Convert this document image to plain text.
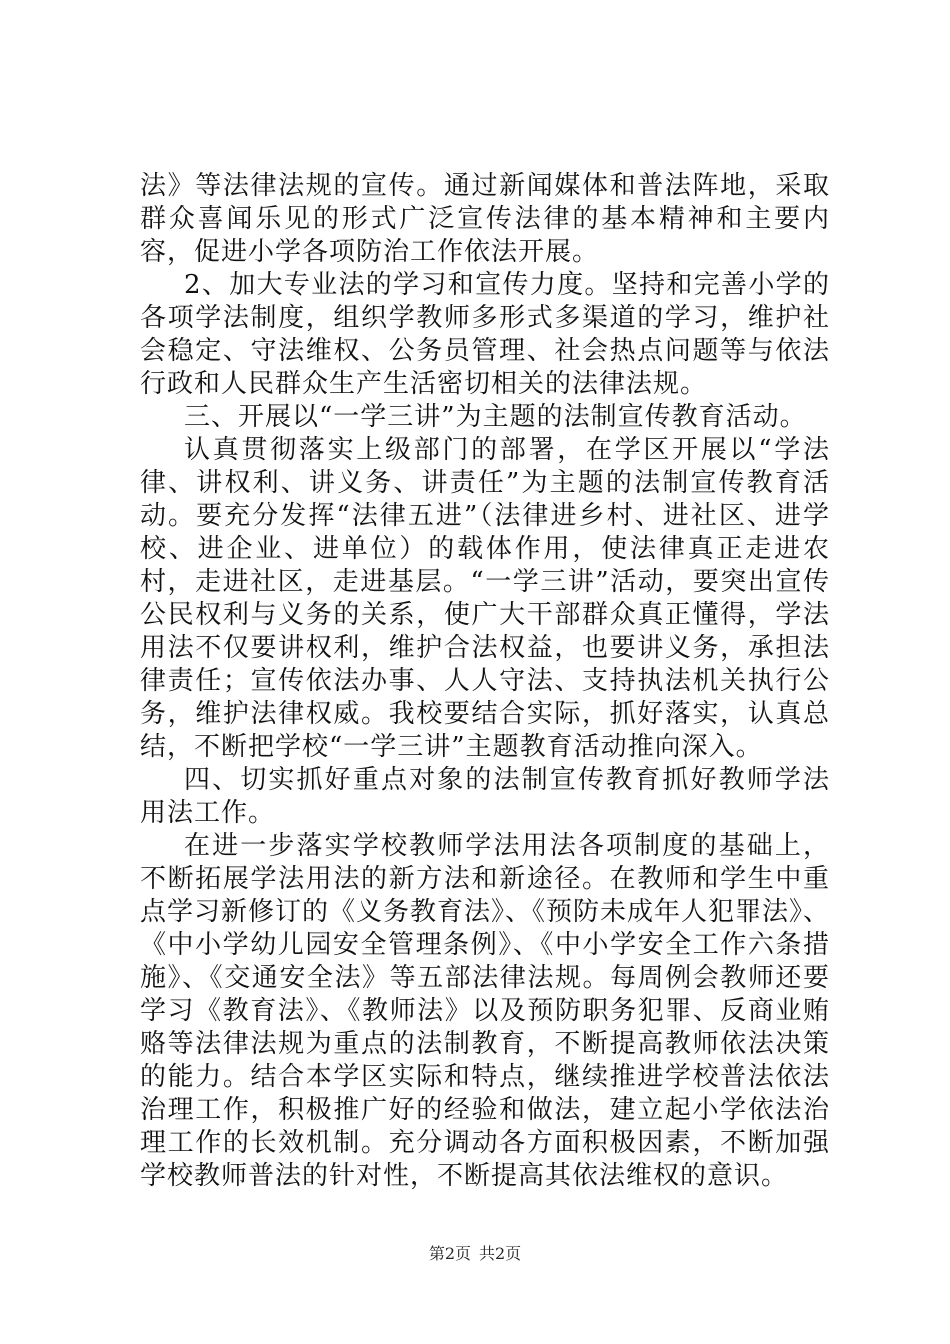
法》等法律法规的宣传。通过新闻媒体和普法阵地，采取群众喜闻乐见的形式广泛宣传法律的基本精神和主要内容，促进小学各项防治工作依法开展。

2、加大专业法的学习和宣传力度。坚持和完善小学的各项学法制度，组织学教师多形式多渠道的学习，维护社会稳定、守法维权、公务员管理、社会热点问题等与依法行政和人民群众生产生活密切相关的法律法规。

三、开展以“一学三讲”为主题的法制宣传教育活动。

认真贯彻落实上级部门的部署，在学区开展以“学法律、讲权利、讲义务、讲责任”为主题的法制宣传教育活动。要充分发挥“法律五进”（法律进乡村、进社区、进学校、进企业、进单位）的载体作用，使法律真正走进农村，走进社区，走进基层。“一学三讲”活动，要突出宣传公民权利与义务的关系，使广大干部群众真正懂得，学法用法不仅要讲权利，维护合法权益，也要讲义务，承担法律责任；宣传依法办事、人人守法、支持执法机关执行公务，维护法律权威。我校要结合实际，抓好落实，认真总结，不断把学校“一学三讲”主题教育活动推向深入。

四、切实抓好重点对象的法制宣传教育抓好教师学法用法工作。

在进一步落实学校教师学法用法各项制度的基础上，不断拓展学法用法的新方法和新途径。在教师和学生中重点学习新修订的《义务教育法》、《预防未成年人犯罪法》、《中小学幼儿园安全管理条例》、《中小学安全工作六条措施》、《交通安全法》等五部法律法规。每周例会教师还要学习《教育法》、《教师法》以及预防职务犯罪、反商业贿赂等法律法规为重点的法制教育，不断提高教师依法决策的能力。结合本学区实际和特点，继续推进学校普法依法治理工作，积极推广好的经验和做法，建立起小学依法治理工作的长效机制。充分调动各方面积极因素，不断加强学校教师普法的针对性，不断提高其依法维权的意识。

第2页 共2页
